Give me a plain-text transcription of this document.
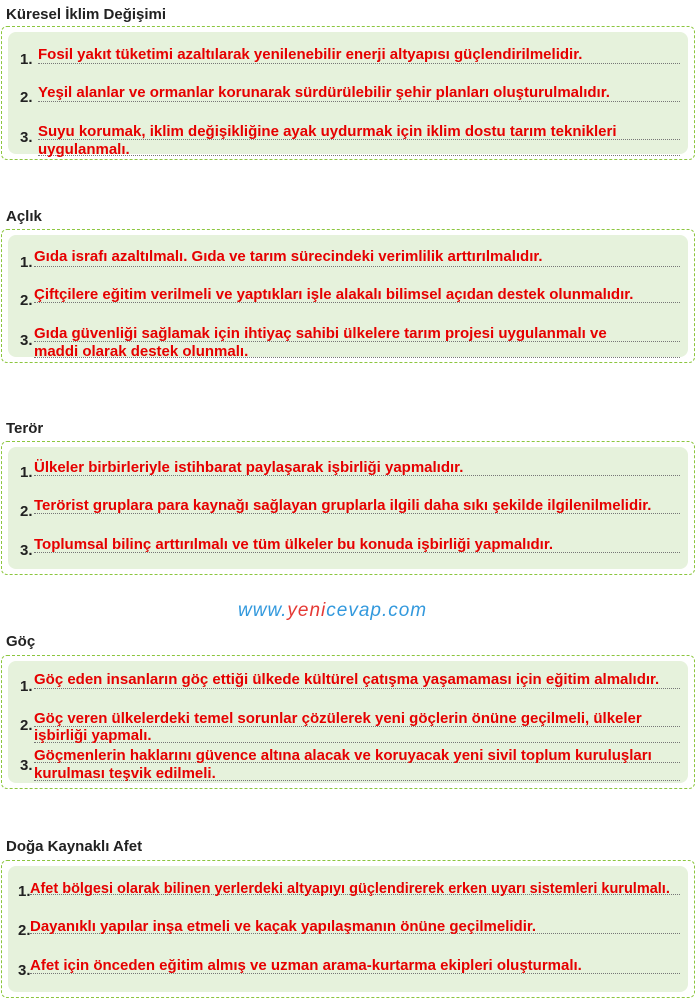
Küresel İklim Değişimi
1. Fosil yakıt tüketimi azaltılarak yenilenebilir enerji altyapısı güçlendirilmelidir.
2. Yeşil alanlar ve ormanlar korunarak sürdürülebilir şehir planları oluşturulmalıdır.
3. Suyu korumak, iklim değişikliğine ayak uydurmak için iklim dostu tarım teknikleri
uygulanmalı.
Açlık
1. Gıda israfı azaltılmalı. Gıda ve tarım sürecindeki verimlilik arttırılmalıdır.
2. Çiftçilere eğitim verilmeli ve yaptıkları işle alakalı bilimsel açıdan destek olunmalıdır.
3. Gıda güvenliği sağlamak için ihtiyaç sahibi ülkelere tarım projesi uygulanmalı ve
maddi olarak destek olunmalı.
Terör
1. Ülkeler birbirleriyle istihbarat paylaşarak işbirliği yapmalıdır.
2. Terörist gruplara para kaynağı sağlayan gruplarla ilgili daha sıkı şekilde ilgilenilmelidir.
3. Toplumsal bilinç arttırılmalı ve tüm ülkeler bu konuda işbirliği yapmalıdır.
www.yenicevap.com
Göç
1. Göç eden insanların göç ettiği ülkede kültürel çatışma yaşamaması için eğitim almalıdır.
2. Göç veren ülkelerdeki temel sorunlar çözülerek yeni göçlerin önüne geçilmeli, ülkeler
işbirliği yapmalı.
3.
Göçmenlerin haklarını güvence altına alacak ve koruyacak yeni sivil toplum kuruluşları
kurulması teşvik edilmeli.
Doğa Kaynaklı Afet
1. Afet bölgesi olarak bilinen yerlerdeki altyapıyı güçlendirerek erken uyarı sistemleri kurulmalı.
2. Dayanıklı yapılar inşa etmeli ve kaçak yapılaşmanın önüne geçilmelidir.
3. Afet için önceden eğitim almış ve uzman arama-kurtarma ekipleri oluşturmalı.
